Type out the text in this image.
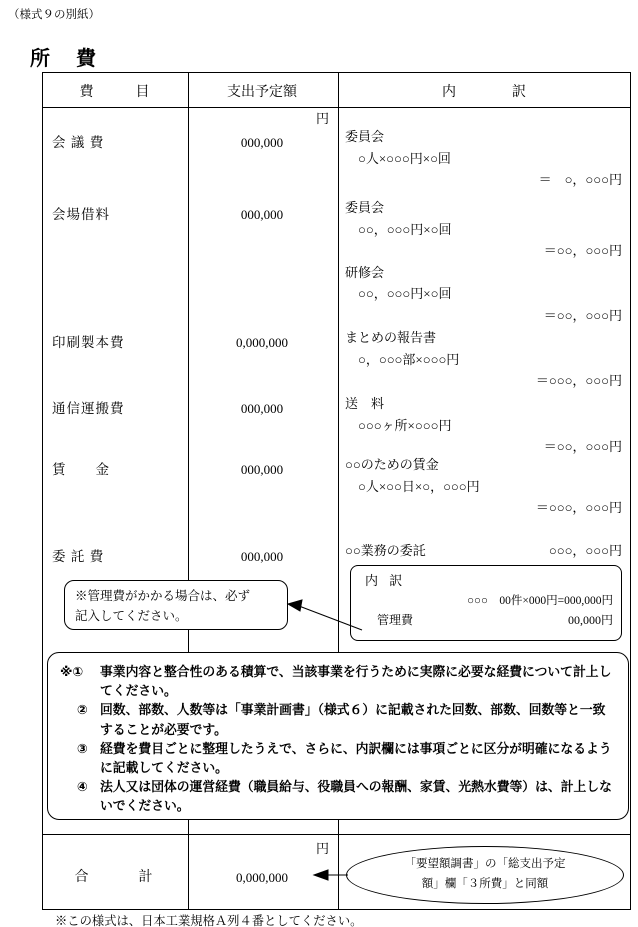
（様式９の別紙）
所　費
費　　　目	支出予定額	内　　　　訳
円
会 議 費	000,000	委員会
　○人×○○○円×○回
＝　○，○○○円
会場借料	000,000	委員会
　○○，○○○円×○回
＝○○，○○○円
研修会
　○○，○○○円×○回
＝○○，○○○円
印刷製本費	0,000,000	まとめの報告書
　○，○○○部×○○○円
＝○○○，○○○円
通信運搬費	000,000	送　料
　○○○ヶ所×○○○円
＝○○，○○○円
賃　　金	000,000	○○のための賃金
　○人×○○日×○，○○○円
＝○○○，○○○円
委 託 費	000,000	○○業務の委託	○○○，○○○円
内 訳
○○○　00件×000円=000,000円
管理費	00,000円
※管理費がかかる場合は、必ず
記入してください。
※①	事業内容と整合性のある積算で、当該事業を行うために実際に必要な経費について計上してください。
② 回数、部数、人数等は「事業計画書」（様式６）に記載された回数、部数、回数等と一致することが必要です。
③ 経費を費目ごとに整理したうえで、さらに、内訳欄には事項ごとに区分が明確になるように記載してください。
④ 法人又は団体の運営経費（職員給与、役職員への報酬、家賃、光熱水費等）は、計上しないでください。
円
合　　　計	0,000,000
「要望額調書」の「総支出予定
額」欄「３所費」と同額
※この様式は、日本工業規格Ａ列４番としてください。
